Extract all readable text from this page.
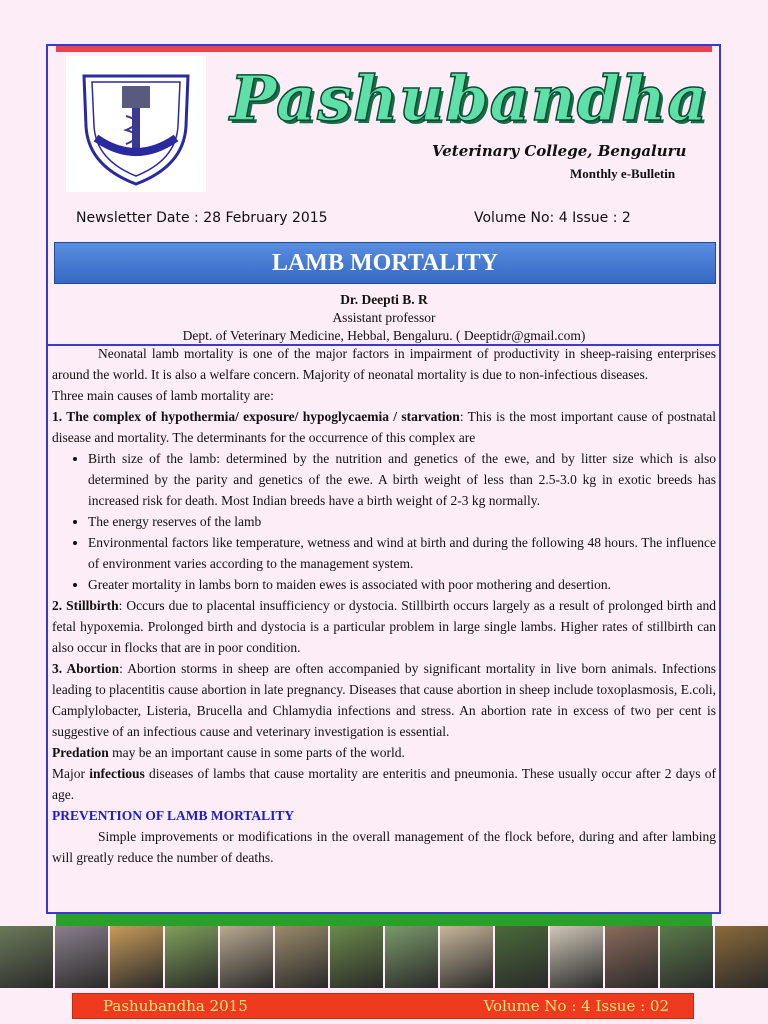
Pashubandha
Veterinary College, Bengaluru
Monthly e-Bulletin
Newsletter Date : 28 February 2015	Volume No: 4 Issue : 2
LAMB MORTALITY
Dr. Deepti B. R
Assistant professor
Dept. of Veterinary Medicine, Hebbal, Bengaluru. ( Deeptidr@gmail.com)

Neonatal lamb mortality is one of the major factors in impairment of productivity in sheep-raising enterprises around the world. It is also a welfare concern. Majority of neonatal mortality is due to non-infectious diseases.

Three main causes of lamb mortality are:

1. The complex of hypothermia/ exposure/ hypoglycaemia / starvation: This is the most important cause of postnatal disease and mortality. The determinants for the occurrence of this complex are

• Birth size of the lamb: determined by the nutrition and genetics of the ewe, and by litter size which is also determined by the parity and genetics of the ewe. A birth weight of less than 2.5-3.0 kg in exotic breeds has increased risk for death. Most Indian breeds have a birth weight of 2-3 kg normally.
• The energy reserves of the lamb
• Environmental factors like temperature, wetness and wind at birth and during the following 48 hours. The influence of environment varies according to the management system.
• Greater mortality in lambs born to maiden ewes is associated with poor mothering and desertion.

2. Stillbirth: Occurs due to placental insufficiency or dystocia. Stillbirth occurs largely as a result of prolonged birth and fetal hypoxemia. Prolonged birth and dystocia is a particular problem in large single lambs. Higher rates of stillbirth can also occur in flocks that are in poor condition.

3. Abortion: Abortion storms in sheep are often accompanied by significant mortality in live born animals. Infections leading to placentitis cause abortion in late pregnancy. Diseases that cause abortion in sheep include toxoplasmosis, E.coli, Camplylobacter, Listeria, Brucella and Chlamydia infections and stress. An abortion rate in excess of two per cent is suggestive of an infectious cause and veterinary investigation is essential.

Predation may be an important cause in some parts of the world.

Major infectious diseases of lambs that cause mortality are enteritis and pneumonia. These usually occur after 2 days of age.

PREVENTION OF LAMB MORTALITY

Simple improvements or modifications in the overall management of the flock before, during and after lambing will greatly reduce the number of deaths.

Pashubandha 2015	Volume No : 4 Issue : 02
